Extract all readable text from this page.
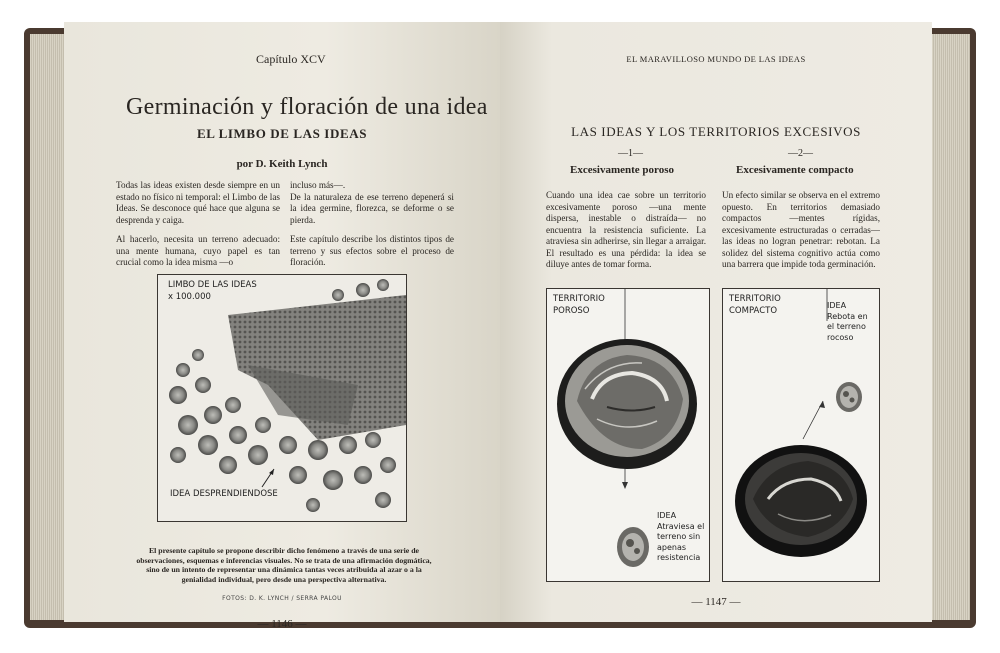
Capítulo XCV
Germinación y floración de una idea
EL LIMBO DE LAS IDEAS
por D. Keith Lynch

Todas las ideas existen desde siempre en un estado no físico ni temporal: el Limbo de las Ideas. Se desconoce qué hace que alguna se desprenda y caiga.

Al hacerlo, necesita un terreno adecuado: una mente humana, cuyo papel es tan crucial como la idea misma —o

incluso más—.

De la naturaleza de ese terreno depenerá si la idea germine, florezca, se deforme o se pierda.

Este capítulo describe los distintos tipos de terreno y sus efectos sobre el proceso de floración.

LIMBO DE LAS IDEAS
x 100.000
IDEA DESPRENDIENDOSE
El presente capítulo se propone describir dicho fenómeno a través de una serie de observaciones, esquemas e inferencias visuales. No se trata de una afirmación dogmática, sino de un intento de representar una dinámica tantas veces atribuida al azar o a la genialidad individual, pero desde una perspectiva alternativa.
FOTOS: D. K. LYNCH / SERRA PALOU
— 1146 —
EL MARAVILLOSO MUNDO DE LAS IDEAS
LAS IDEAS Y LOS TERRITORIOS EXCESIVOS
—1—
Excesivamente poroso
Cuando una idea cae sobre un territorio excesivamente poroso —una mente dispersa, inestable o distraída— no encuentra la resistencia suficiente. La atraviesa sin adherirse, sin llegar a arraigar. El resultado es una pérdida: la idea se diluye antes de tomar forma.
—2—
Excesivamente compacto
Un efecto similar se observa en el extremo opuesto. En territorios demasiado compactos —mentes rígidas, excesivamente estructuradas o cerradas— las ideas no logran penetrar: rebotan. La solidez del sistema cognitivo actúa como una barrera que impide toda germinación.
TERRITORIO
POROSO
IDEA
Atraviesa el
terreno sin
apenas
resistencia
TERRITORIO
COMPACTO
IDEA
Rebota en
el terreno
rocoso
— 1147 —
